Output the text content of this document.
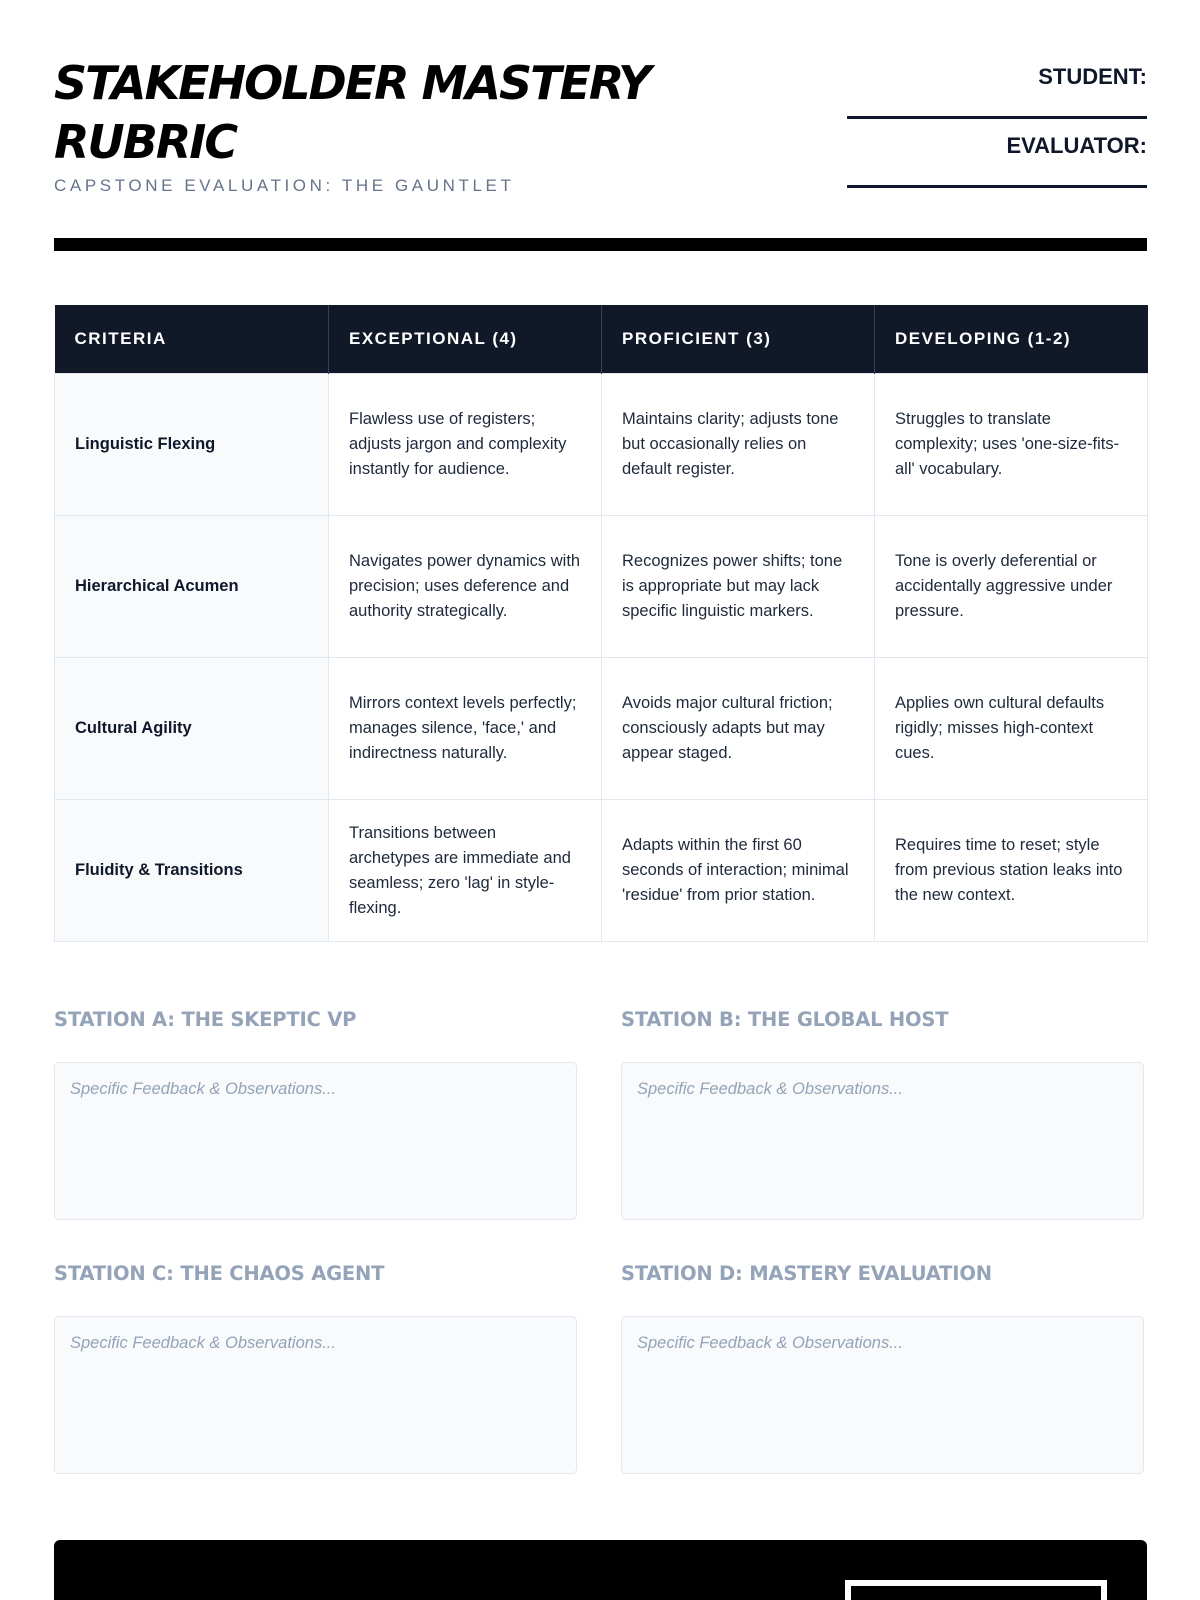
STAKEHOLDER MASTERY RUBRIC
CAPSTONE EVALUATION: THE GAUNTLET
STUDENT:
EVALUATOR:
CRITERIA	EXCEPTIONAL (4)	PROFICIENT (3)	DEVELOPING (1-2)
Linguistic Flexing	Flawless use of registers; adjusts jargon and complexity instantly for audience.	Maintains clarity; adjusts tone but occasionally relies on default register.	Struggles to translate complexity; uses 'one-size-fits-all' vocabulary.
Hierarchical Acumen	Navigates power dynamics with precision; uses deference and authority strategically.	Recognizes power shifts; tone is appropriate but may lack specific linguistic markers.	Tone is overly deferential or accidentally aggressive under pressure.
Cultural Agility	Mirrors context levels perfectly; manages silence, 'face,' and indirectness naturally.	Avoids major cultural friction; consciously adapts but may appear staged.	Applies own cultural defaults rigidly; misses high-context cues.
Fluidity & Transitions	Transitions between archetypes are immediate and seamless; zero 'lag' in style-flexing.	Adapts within the first 60 seconds of interaction; minimal 'residue' from prior station.	Requires time to reset; style from previous station leaks into the new context.
STATION A: THE SKEPTIC VP
Specific Feedback & Observations...
STATION B: THE GLOBAL HOST
Specific Feedback & Observations...
STATION C: THE CHAOS AGENT
Specific Feedback & Observations...
STATION D: MASTERY EVALUATION
Specific Feedback & Observations...
